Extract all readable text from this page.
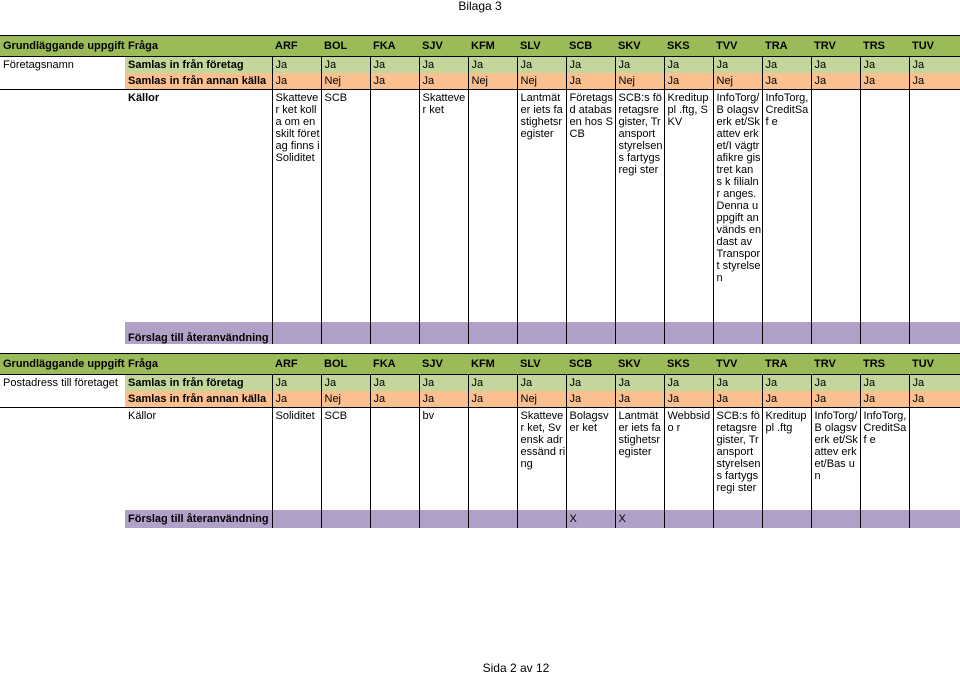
Bilaga 3
Grundläggande uppgift	Fråga	ARF	BOL	FKA	SJV	KFM	SLV	SCB	SKV	SKS	TVV	TRA	TRV	TRS	TUV
Företagsnamn	Samlas in från företag	Ja	Ja	Ja	Ja	Ja	Ja	Ja	Ja	Ja	Ja	Ja	Ja	Ja	Ja
	Samlas in från annan källa	Ja	Nej	Ja	Ja	Nej	Nej	Ja	Nej	Ja	Nej	Ja	Ja	Ja	Ja
	Källor	Skattever ket kolla om enskilt företag finns i Soliditet	SCB		Skattever ket		Lantmäter iets fastighetsr egister	Företagsd atabasen hos SCB	SCB:s företagsre gister, Transport styrelsens fartygsregi ster	Kredituppl .ftg, SKV	InfoTorg/B olagsverk et/Skattev erket/I vägtrafikre gistret kan s k filialnr anges. Denna uppgift används endast av Transport styrelsen	InfoTorg, CreditSaf e			
	Förslag till återanvändning														
Grundläggande uppgift	Fråga	ARF	BOL	FKA	SJV	KFM	SLV	SCB	SKV	SKS	TVV	TRA	TRV	TRS	TUV
Postadress till företaget	Samlas in från företag	Ja	Ja	Ja	Ja	Ja	Ja	Ja	Ja	Ja	Ja	Ja	Ja	Ja	Ja
	Samlas in från annan källa	Ja	Nej	Ja	Ja	Ja	Nej	Ja	Ja	Ja	Ja	Ja	Ja	Ja	Ja
	Källor	Soliditet	SCB		bv		Skattever ket, Svensk adressänd ring	Bolagsver ket	Lantmäter iets fastighetsr egister	Webbsido r	SCB:s företagsre gister, Transport styrelsens fartygsregi ster	Kredituppl .ftg	InfoTorg/B olagsverk et/Skattev erket/Bas un	InfoTorg, CreditSaf e	
	Förslag till återanvändning							X	X						
Sida 2 av 12
